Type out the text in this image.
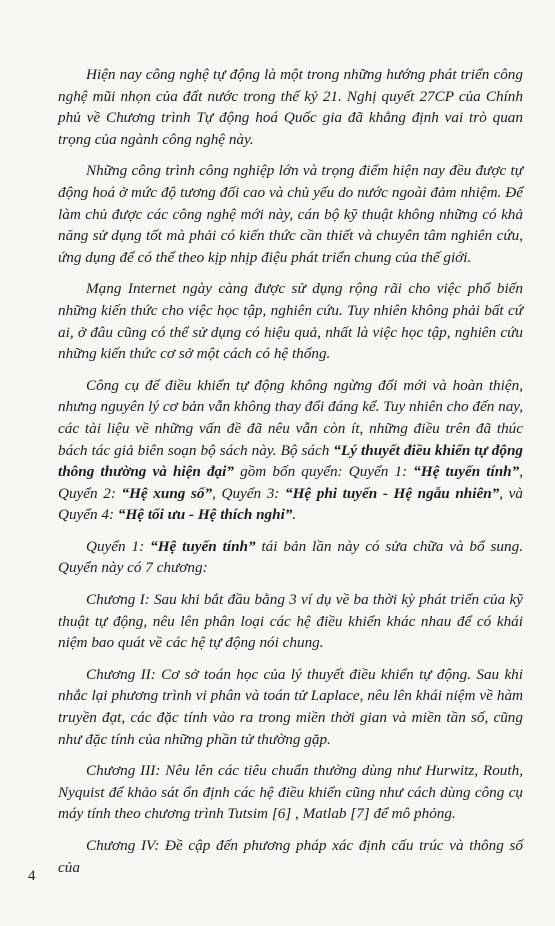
Hiện nay công nghệ tự động là một trong những hướng phát triển công nghệ mũi nhọn của đất nước trong thế kỷ 21. Nghị quyết 27CP của Chính phủ về Chương trình Tự động hoá Quốc gia đã khẳng định vai trò quan trọng của ngành công nghệ này.

Những công trình công nghiệp lớn và trọng điểm hiện nay đều được tự động hoá ở mức độ tương đối cao và chủ yếu do nước ngoài đảm nhiệm. Để làm chủ được các công nghệ mới này, cán bộ kỹ thuật không những có khả năng sử dụng tốt mà phải có kiến thức cần thiết và chuyên tâm nghiên cứu, ứng dụng để có thể theo kịp nhịp điệu phát triển chung của thế giới.

Mạng Internet ngày càng được sử dụng rộng rãi cho việc phổ biến những kiến thức cho việc học tập, nghiên cứu. Tuy nhiên không phải bất cứ ai, ở đâu cũng có thể sử dụng có hiệu quả, nhất là việc học tập, nghiên cứu những kiến thức cơ sở một cách có hệ thống.

Công cụ để điều khiển tự động không ngừng đổi mới và hoàn thiện, nhưng nguyên lý cơ bản vẫn không thay đổi đáng kể. Tuy nhiên cho đến nay, các tài liệu về những vấn đề đã nêu vẫn còn ít, những điều trên đã thúc bách tác giả biên soạn bộ sách này. Bộ sách “Lý thuyết điều khiển tự động thông thường và hiện đại” gồm bốn quyển: Quyển 1: “Hệ tuyến tính”, Quyển 2: “Hệ xung số”, Quyển 3: “Hệ phi tuyến - Hệ ngẫu nhiên”, và Quyển 4: “Hệ tối ưu - Hệ thích nghi”.

Quyển 1: “Hệ tuyến tính” tái bản lần này có sửa chữa và bổ sung. Quyển này có 7 chương:

Chương I: Sau khi bắt đầu bằng 3 ví dụ về ba thời kỳ phát triển của kỹ thuật tự động, nêu lên phân loại các hệ điều khiển khác nhau để có khái niệm bao quát về các hệ tự động nói chung.

Chương II: Cơ sở toán học của lý thuyết điều khiển tự động. Sau khi nhắc lại phương trình vi phân và toán tử Laplace, nêu lên khái niệm về hàm truyền đạt, các đặc tính vào ra trong miền thời gian và miền tần số, cũng như đặc tính của những phần tử thường gặp.

Chương III: Nêu lên các tiêu chuẩn thường dùng như Hurwitz, Routh, Nyquist để khảo sát ổn định các hệ điều khiển cũng như cách dùng công cụ máy tính theo chương trình Tutsim [6] , Matlab [7] để mô phỏng.

Chương IV: Đề cập đến phương pháp xác định cấu trúc và thông số của

4
